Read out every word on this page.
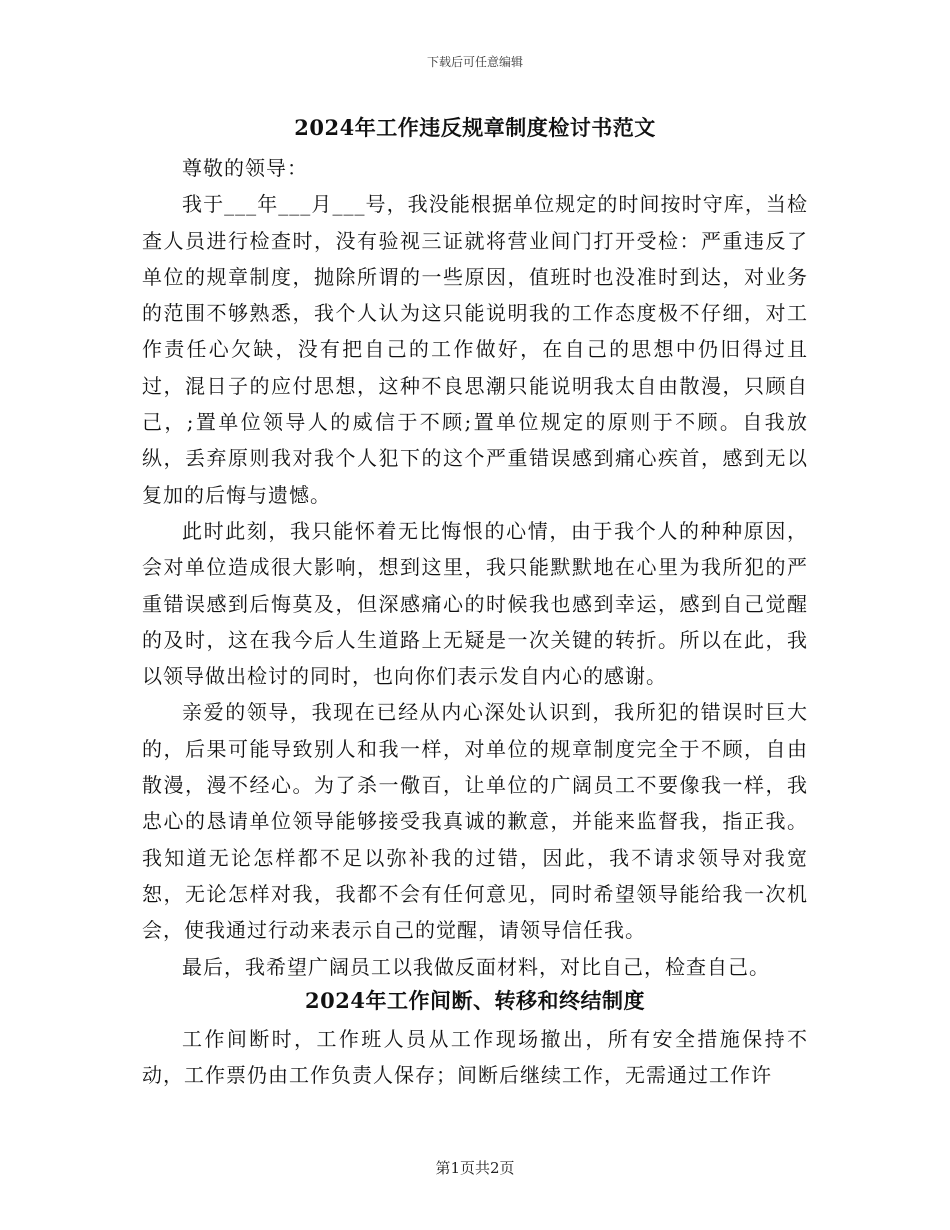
下载后可任意编辑
2024年工作违反规章制度检讨书范文

尊敬的领导：

我于___年___月___号，我没能根据单位规定的时间按时守库，当检查人员进行检查时，没有验视三证就将营业间门打开受检：严重违反了单位的规章制度，抛除所谓的一些原因，值班时也没准时到达，对业务的范围不够熟悉，我个人认为这只能说明我的工作态度极不仔细，对工作责任心欠缺，没有把自己的工作做好，在自己的思想中仍旧得过且过，混日子的应付思想，这种不良思潮只能说明我太自由散漫，只顾自己，;置单位领导人的威信于不顾;置单位规定的原则于不顾。自我放纵，丢弃原则我对我个人犯下的这个严重错误感到痛心疾首，感到无以复加的后悔与遗憾。

此时此刻，我只能怀着无比悔恨的心情，由于我个人的种种原因，会对单位造成很大影响，想到这里，我只能默默地在心里为我所犯的严重错误感到后悔莫及，但深感痛心的时候我也感到幸运，感到自己觉醒的及时，这在我今后人生道路上无疑是一次关键的转折。所以在此，我以领导做出检讨的同时，也向你们表示发自内心的感谢。

亲爱的领导，我现在已经从内心深处认识到，我所犯的错误时巨大的，后果可能导致别人和我一样，对单位的规章制度完全于不顾，自由散漫，漫不经心。为了杀一儆百，让单位的广阔员工不要像我一样，我忠心的恳请单位领导能够接受我真诚的歉意，并能来监督我，指正我。我知道无论怎样都不足以弥补我的过错，因此，我不请求领导对我宽恕，无论怎样对我，我都不会有任何意见，同时希望领导能给我一次机会，使我通过行动来表示自己的觉醒，请领导信任我。

最后，我希望广阔员工以我做反面材料，对比自己，检查自己。

2024年工作间断、转移和终结制度

工作间断时，工作班人员从工作现场撤出，所有安全措施保持不动，工作票仍由工作负责人保存；间断后继续工作，无需通过工作许

第1页共2页
